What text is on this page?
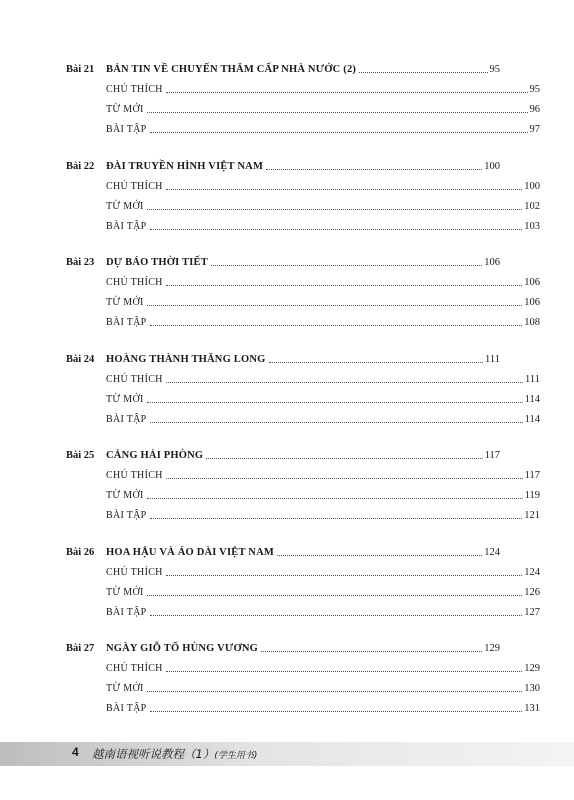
Bài 21	BẢN TIN VỀ CHUYẾN THĂM CẤP NHÀ NƯỚC (2)	95
CHÚ THÍCH	95
TỪ MỚI	96
BÀI TẬP	97
Bài 22	ĐÀI TRUYỀN HÌNH VIỆT NAM	100
CHÚ THÍCH	100
TỪ MỚI	102
BÀI TẬP	103
Bài 23	DỰ BÁO THỜI TIẾT	106
CHÚ THÍCH	106
TỪ MỚI	106
BÀI TẬP	108
Bài 24	HOÀNG THÀNH THĂNG LONG	111
CHÚ THÍCH	111
TỪ MỚI	114
BÀI TẬP	114
Bài 25	CẢNG HẢI PHÒNG	117
CHÚ THÍCH	117
TỪ MỚI	119
BÀI TẬP	121
Bài 26	HOA HẬU VÀ ÁO DÀI VIỆT NAM	124
CHÚ THÍCH	124
TỪ MỚI	126
BÀI TẬP	127
Bài 27	NGÀY GIỖ TỔ HÙNG VƯƠNG	129
CHÚ THÍCH	129
TỪ MỚI	130
BÀI TẬP	131
4 越南语视听说教程（1）(学生用书)
